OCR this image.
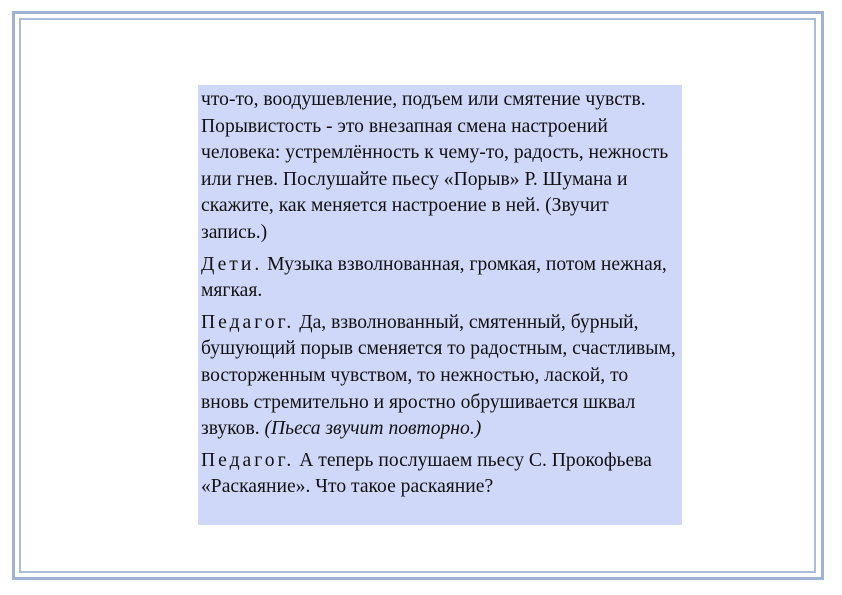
что-то, воодушевление, подъем или смятение чувств. Порывистость - это внезапная смена настроений человека: устремлённость к чему-то, радость, нежность или гнев. Послушайте пьесу «Порыв» Р. Шумана и скажите, как меняется настроение в ней. (Звучит запись.)

Дети. Музыка взволнованная, громкая, потом нежная, мягкая.

Педагог. Да, взволнованный, смятенный, бурный, бушующий порыв сменяется то радостным, счастливым, восторженным чувством, то нежностью, лаской, то вновь стремительно и яростно обрушивается шквал звуков. (Пьеса звучит повторно.)

Педагог. А теперь послушаем пьесу С. Прокофьева «Раскаяние». Что такое раскаяние?
